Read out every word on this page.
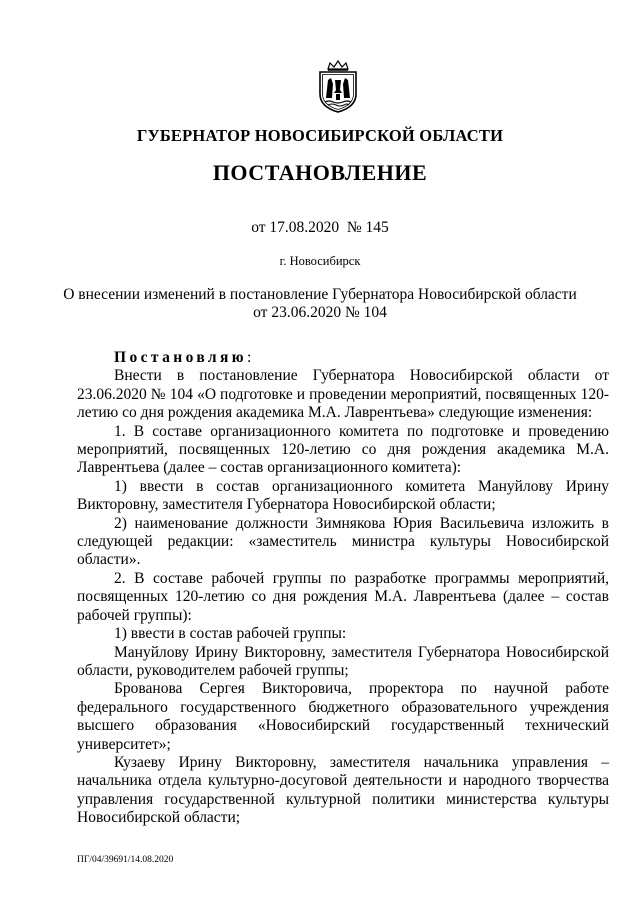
ГУБЕРНАТОР НОВОСИБИРСКОЙ ОБЛАСТИ
ПОСТАНОВЛЕНИЕ
от 17.08.2020  № 145
г. Новосибирск
О внесении изменений в постановление Губернатора Новосибирской области
от 23.06.2020 № 104

Постановляю:

Внести в постановление Губернатора Новосибирской области от 23.06.2020 № 104 «О подготовке и проведении мероприятий, посвященных 120-летию со дня рождения академика М.А. Лаврентьева» следующие изменения:

1. В составе организационного комитета по подготовке и проведению мероприятий, посвященных 120-летию со дня рождения академика М.А. Лаврентьева (далее – состав организационного комитета):

1) ввести в состав организационного комитета Мануйлову Ирину Викторовну, заместителя Губернатора Новосибирской области;

2) наименование должности Зимнякова Юрия Васильевича изложить в следующей редакции: «заместитель министра культуры Новосибирской области».

2. В составе рабочей группы по разработке программы мероприятий, посвященных 120-летию со дня рождения М.А. Лаврентьева (далее – состав рабочей группы):

1) ввести в состав рабочей группы:

Мануйлову Ирину Викторовну, заместителя Губернатора Новосибирской области, руководителем рабочей группы;

Брованова Сергея Викторовича, проректора по научной работе федерального государственного бюджетного образовательного учреждения высшего образования «Новосибирский государственный технический университет»;

Кузаеву Ирину Викторовну, заместителя начальника управления – начальника отдела культурно-досуговой деятельности и народного творчества управления государственной культурной политики министерства культуры Новосибирской области;

ПГ/04/39691/14.08.2020
